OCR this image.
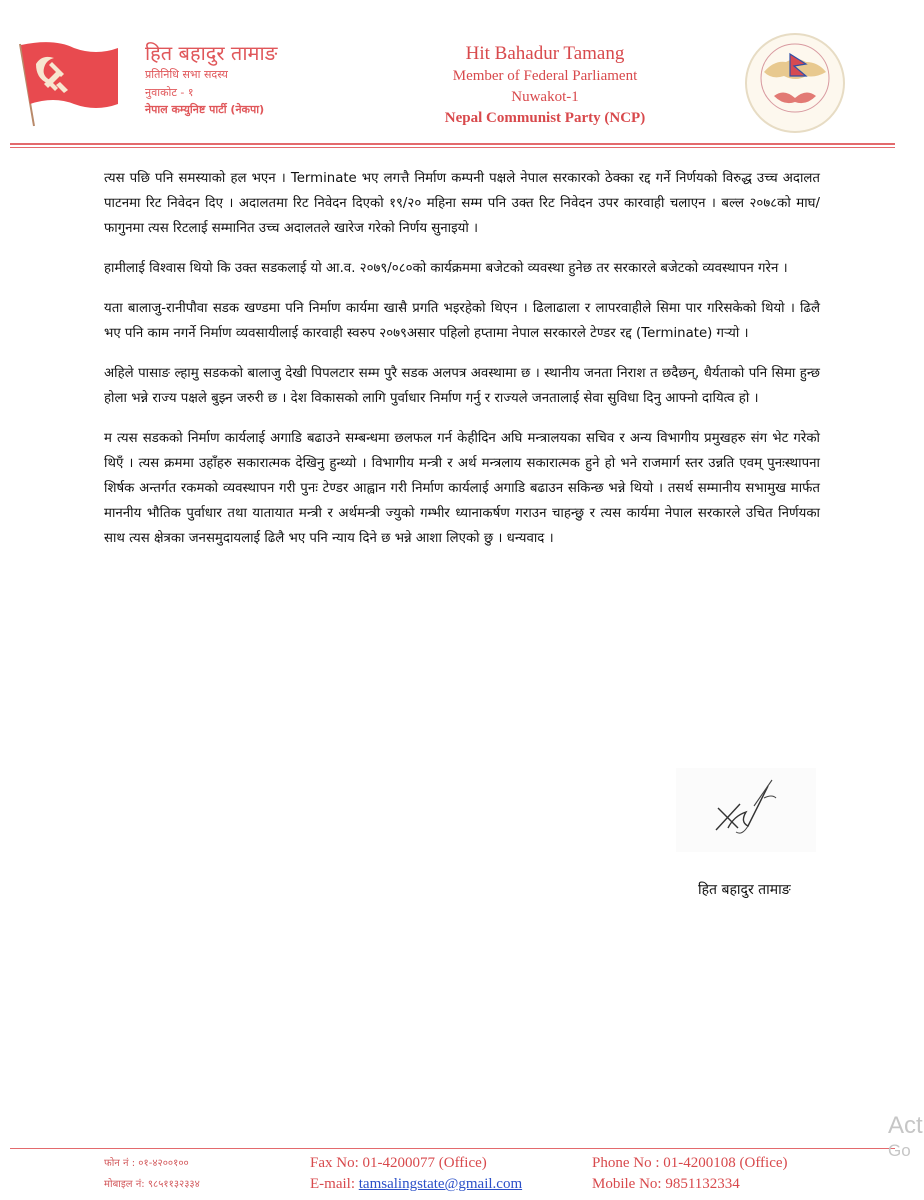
हित बहादुर तामाङ
प्रतिनिधि सभा सदस्य
नुवाकोट - १
नेपाल कम्युनिष्ट पार्टी (नेकपा)
Hit Bahadur Tamang
Member of Federal Parliament
Nuwakot-1
Nepal Communist Party (NCP)

त्यस पछि पनि समस्याको हल भएन । Terminate भए लगत्तै निर्माण कम्पनी पक्षले नेपाल सरकारको ठेक्का रद्द गर्ने निर्णयको विरुद्ध उच्च अदालत पाटनमा रिट निवेदन दिए । अदालतमा रिट निवेदन दिएको १९/२० महिना सम्म पनि उक्त रिट निवेदन उपर कारवाही चलाएन । बल्ल २०७८को माघ/फागुनमा त्यस रिटलाई सम्मानित उच्च अदालतले खारेज गरेको निर्णय सुनाइयो ।

हामीलाई विश्वास थियो कि उक्त सडकलाई यो आ.व. २०७९/०८०को कार्यक्रममा बजेटको व्यवस्था हुनेछ तर सरकारले बजेटको व्यवस्थापन गरेन ।

यता बालाजु-रानीपौवा सडक खण्डमा पनि निर्माण कार्यमा खासै प्रगति भइरहेको थिएन । ढिलाढाला र लापरवाहीले सिमा पार गरिसकेको थियो । ढिलै भए पनि काम नगर्ने निर्माण व्यवसायीलाई कारवाही स्वरुप २०७९असार पहिलो हप्तामा नेपाल सरकारले टेण्डर रद्द (Terminate) गर्‍यो ।

अहिले पासाङ ल्हामु सडकको बालाजु देखी पिपलटार सम्म पुरै सडक अलपत्र अवस्थामा छ । स्थानीय जनता निराश त छदैछन्, धैर्यताको पनि सिमा हुन्छ होला भन्ने राज्य पक्षले बुझ्न जरुरी छ । देश विकासको लागि पुर्वाधार निर्माण गर्नु र राज्यले जनतालाई सेवा सुविधा दिनु आफ्नो दायित्व हो ।

म त्यस सडकको निर्माण कार्यलाई अगाडि बढाउने सम्बन्धमा छलफल गर्न केहीदिन अघि मन्त्रालयका सचिव र अन्य विभागीय प्रमुखहरु संग भेट गरेको थिएँ । त्यस क्रममा उहाँहरु सकारात्मक देखिनु हुन्थ्यो । विभागीय मन्त्री र अर्थ मन्त्रलाय सकारात्मक हुने हो भने राजमार्ग स्तर उन्नति एवम् पुनःस्थापना शिर्षक अन्तर्गत रकमको व्यवस्थापन गरी पुनः टेण्डर आह्वान गरी निर्माण कार्यलाई अगाडि बढाउन सकिन्छ भन्ने थियो । तसर्थ सम्मानीय सभामुख मार्फत माननीय भौतिक पुर्वाधार तथा यातायात मन्त्री र अर्थमन्त्री ज्युको गम्भीर ध्यानाकर्षण गराउन चाहन्छु र त्यस कार्यमा नेपाल सरकारले उचित निर्णयका साथ त्यस क्षेत्रका जनसमुदायलाई ढिलै भए पनि न्याय दिने छ भन्ने आशा लिएको छु । धन्यवाद ।

हित बहादुर तामाङ
फोन नं : ०१-४२००१००
मोबाइल नं: ९८५११३२३३४
Fax No: 01-4200077 (Office)
E-mail: tamsalingstate@gmail.com
Phone No : 01-4200108 (Office)
Mobile No: 9851132334
Act
Go
